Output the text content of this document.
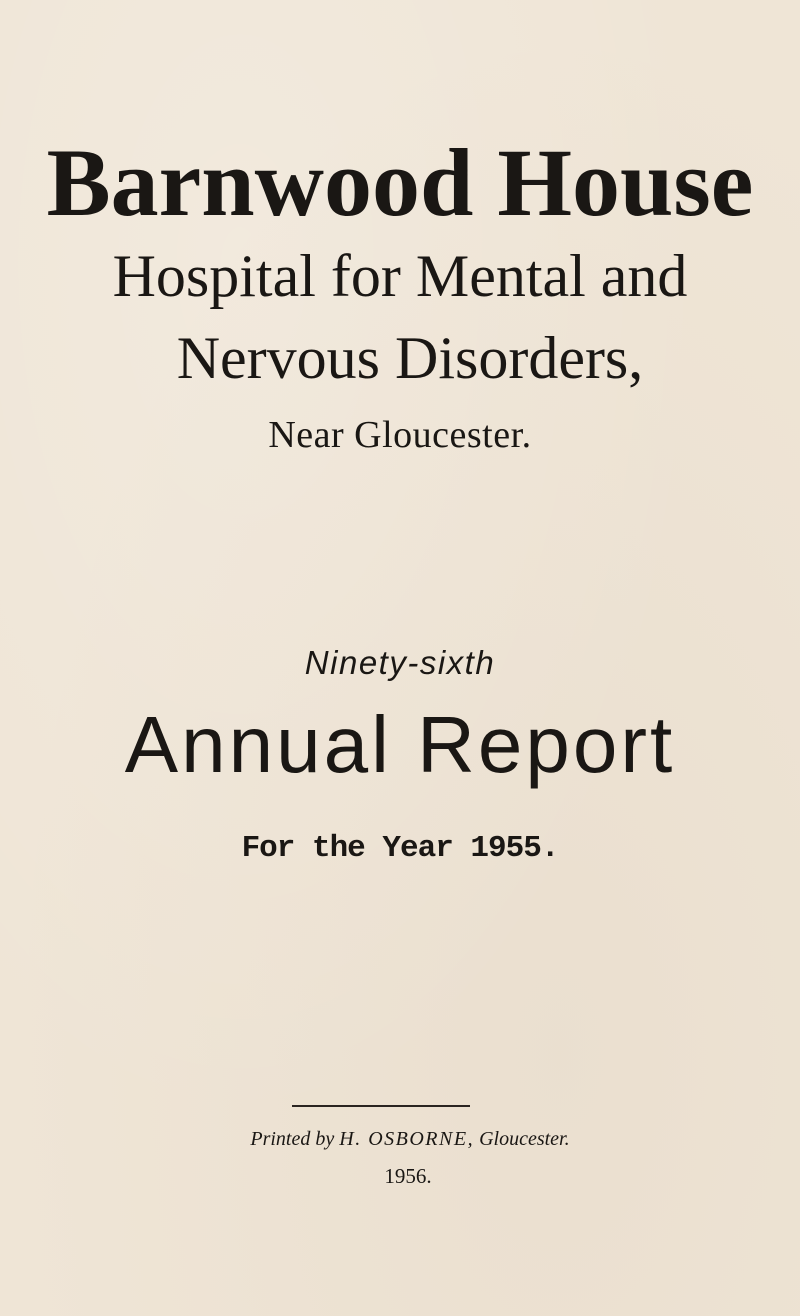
Barnwood House
Hospital for Mental and
Nervous Disorders,
Near Gloucester.
Ninety-sixth
Annual Report
For the Year 1955.
Printed by H. OSBORNE, Gloucester.
1956.
